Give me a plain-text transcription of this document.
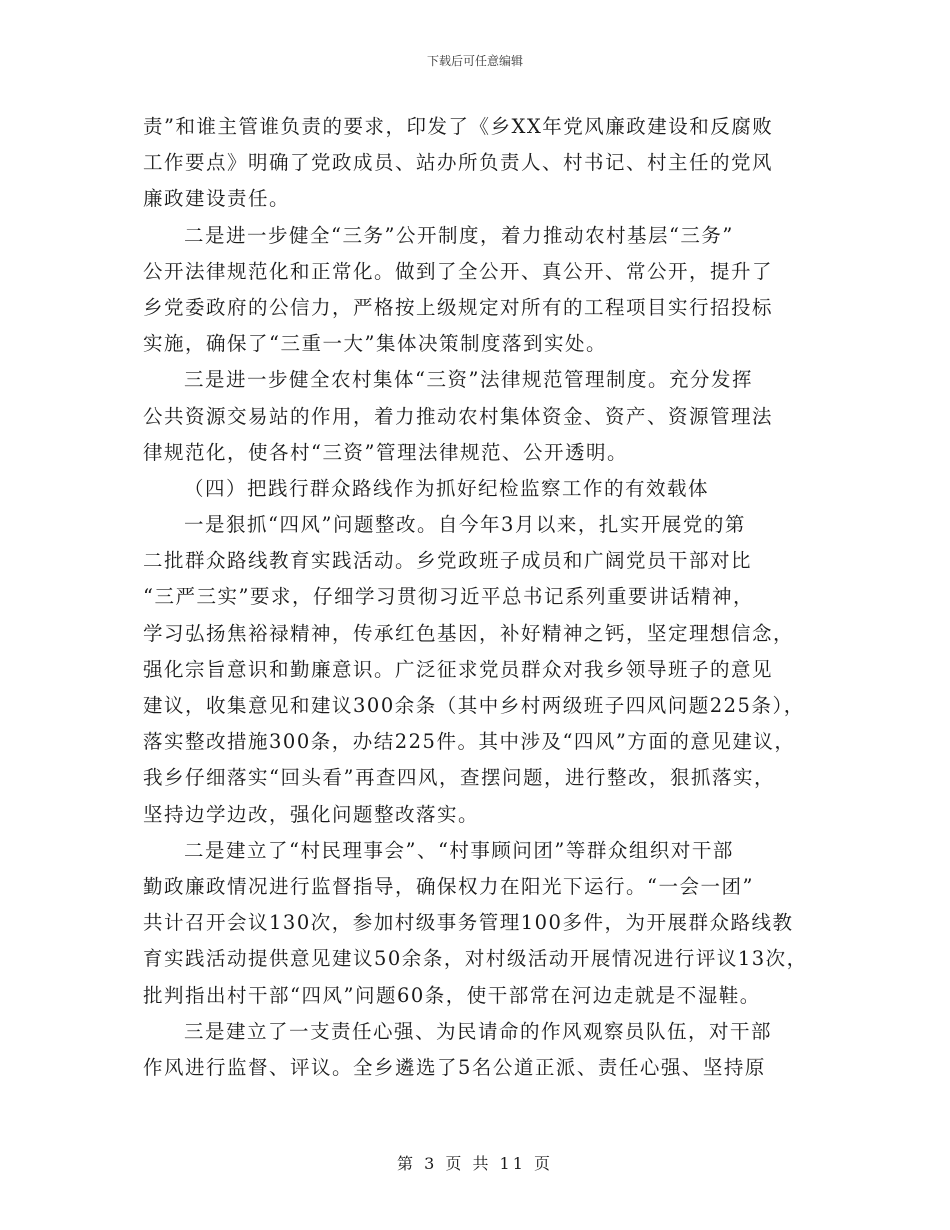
下载后可任意编辑
责”和谁主管谁负责的要求，印发了《乡XX年党风廉政建设和反腐败
工作要点》明确了党政成员、站办所负责人、村书记、村主任的党风
廉政建设责任。
二是进一步健全“三务”公开制度，着力推动农村基层“三务”
公开法律规范化和正常化。做到了全公开、真公开、常公开，提升了
乡党委政府的公信力，严格按上级规定对所有的工程项目实行招投标
实施，确保了“三重一大”集体决策制度落到实处。
三是进一步健全农村集体“三资”法律规范管理制度。充分发挥
公共资源交易站的作用，着力推动农村集体资金、资产、资源管理法
律规范化，使各村“三资”管理法律规范、公开透明。
（四）把践行群众路线作为抓好纪检监察工作的有效载体
一是狠抓“四风”问题整改。自今年3月以来，扎实开展党的第
二批群众路线教育实践活动。乡党政班子成员和广阔党员干部对比
“三严三实”要求，仔细学习贯彻习近平总书记系列重要讲话精神，
学习弘扬焦裕禄精神，传承红色基因，补好精神之钙，坚定理想信念，
强化宗旨意识和勤廉意识。广泛征求党员群众对我乡领导班子的意见
建议，收集意见和建议300余条（其中乡村两级班子四风问题225条），
落实整改措施300条，办结225件。其中涉及“四风”方面的意见建议，
我乡仔细落实“回头看”再查四风，查摆问题，进行整改，狠抓落实，
坚持边学边改，强化问题整改落实。
二是建立了“村民理事会”、“村事顾问团”等群众组织对干部
勤政廉政情况进行监督指导，确保权力在阳光下运行。“一会一团”
共计召开会议130次，参加村级事务管理100多件，为开展群众路线教
育实践活动提供意见建议50余条，对村级活动开展情况进行评议13次，
批判指出村干部“四风”问题60条，使干部常在河边走就是不湿鞋。
三是建立了一支责任心强、为民请命的作风观察员队伍，对干部
作风进行监督、评议。全乡遴选了5名公道正派、责任心强、坚持原
第 3 页 共 11 页
